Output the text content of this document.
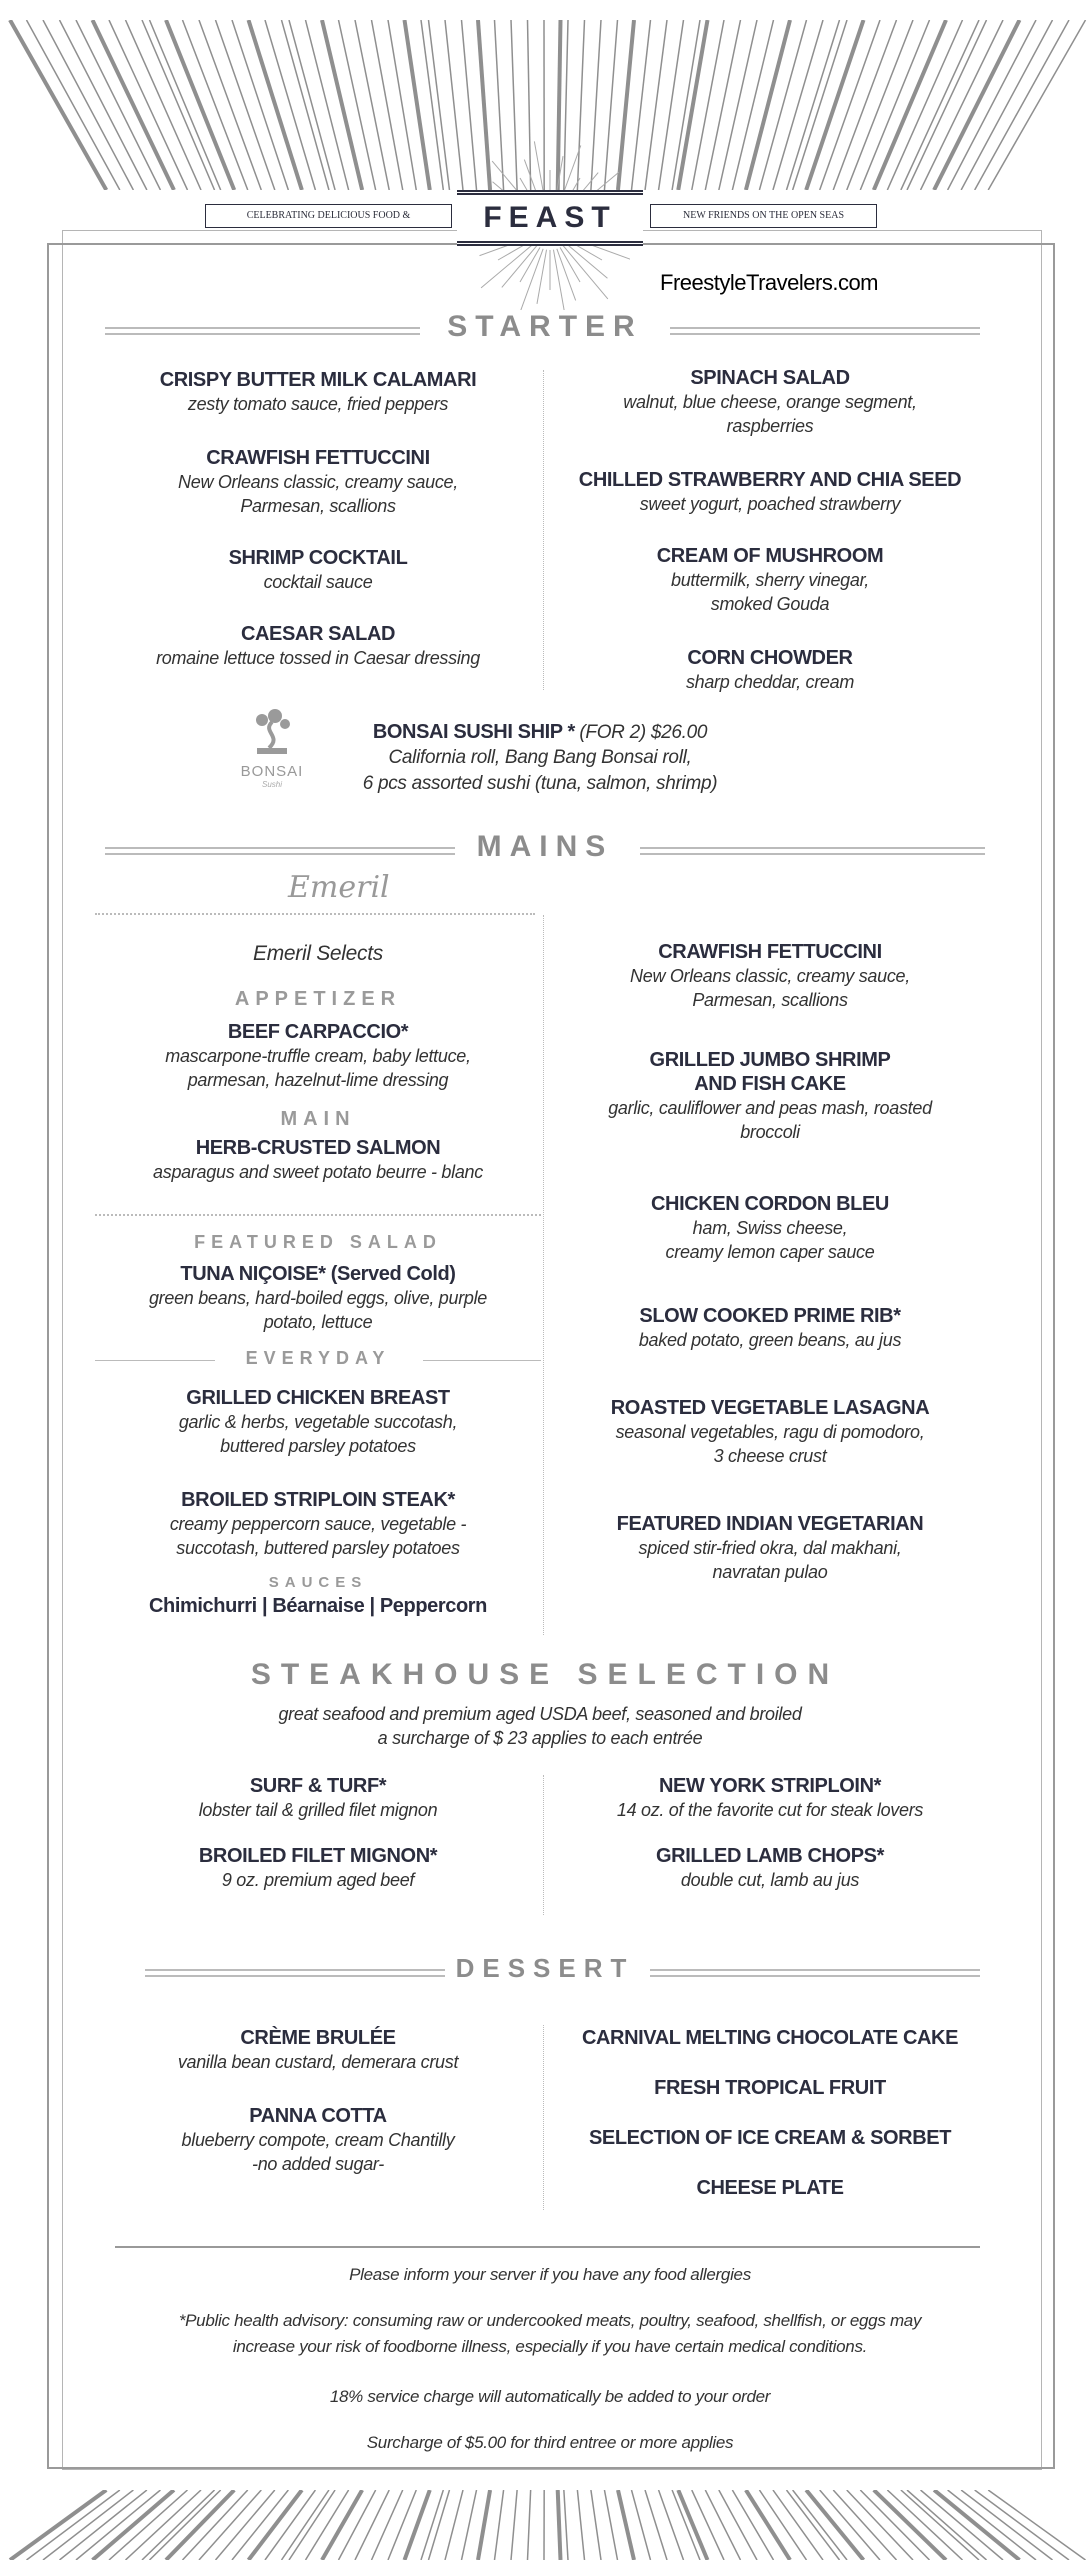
CELEBRATING DELICIOUS FOOD &	NEW FRIENDS ON THE OPEN SEAS
FEAST
FreestyleTravelers.com
STARTER
CRISPY BUTTER MILK CALAMARI
zesty tomato sauce, fried peppers
CRAWFISH FETTUCCINI
New Orleans classic, creamy sauce,
Parmesan, scallions
SHRIMP COCKTAIL
cocktail sauce
CAESAR SALAD
romaine lettuce tossed in Caesar dressing
SPINACH SALAD
walnut, blue cheese, orange segment,
raspberries
CHILLED STRAWBERRY AND CHIA SEED
sweet yogurt, poached strawberry
CREAM OF MUSHROOM
buttermilk, sherry vinegar,
smoked Gouda
CORN CHOWDER
sharp cheddar, cream
BONSAI
Sushi
BONSAI SUSHI SHIP * (FOR 2) $26.00
California roll, Bang Bang Bonsai roll,
6 pcs assorted sushi (tuna, salmon, shrimp)
MAINS
Emeril
Emeril Selects
APPETIZER
BEEF CARPACCIO*
mascarpone-truffle cream, baby lettuce,
parmesan, hazelnut-lime dressing
MAIN
HERB-CRUSTED SALMON
asparagus and sweet potato beurre - blanc
FEATURED SALAD
TUNA NIÇOISE* (Served Cold)
green beans, hard-boiled eggs, olive, purple
potato, lettuce
EVERYDAY
GRILLED CHICKEN BREAST
garlic & herbs, vegetable succotash,
buttered parsley potatoes
BROILED STRIPLOIN STEAK*
creamy peppercorn sauce, vegetable -
succotash, buttered parsley potatoes
SAUCES
Chimichurri | Béarnaise | Peppercorn
CRAWFISH FETTUCCINI
New Orleans classic, creamy sauce,
Parmesan, scallions
GRILLED JUMBO SHRIMP
AND FISH CAKE
garlic, cauliflower and peas mash, roasted
broccoli
CHICKEN CORDON BLEU
ham, Swiss cheese,
creamy lemon caper sauce
SLOW COOKED PRIME RIB*
baked potato, green beans, au jus
ROASTED VEGETABLE LASAGNA
seasonal vegetables, ragu di pomodoro,
3 cheese crust
FEATURED INDIAN VEGETARIAN
spiced stir-fried okra, dal makhani,
navratan pulao
STEAKHOUSE SELECTION
great seafood and premium aged USDA beef, seasoned and broiled
a surcharge of $ 23 applies to each entrée
SURF & TURF*
lobster tail & grilled filet mignon
BROILED FILET MIGNON*
9 oz. premium aged beef
NEW YORK STRIPLOIN*
14 oz. of the favorite cut for steak lovers
GRILLED LAMB CHOPS*
double cut, lamb au jus
DESSERT
CRÈME BRULÉE
vanilla bean custard, demerara crust
PANNA COTTA
blueberry compote, cream Chantilly
-no added sugar-
CARNIVAL MELTING CHOCOLATE CAKE
FRESH TROPICAL FRUIT
SELECTION OF ICE CREAM & SORBET
CHEESE PLATE
Please inform your server if you have any food allergies
*Public health advisory: consuming raw or undercooked meats, poultry, seafood, shellfish, or eggs may
increase your risk of foodborne illness, especially if you have certain medical conditions.
18% service charge will automatically be added to your order
Surcharge of $5.00 for third entree or more applies
